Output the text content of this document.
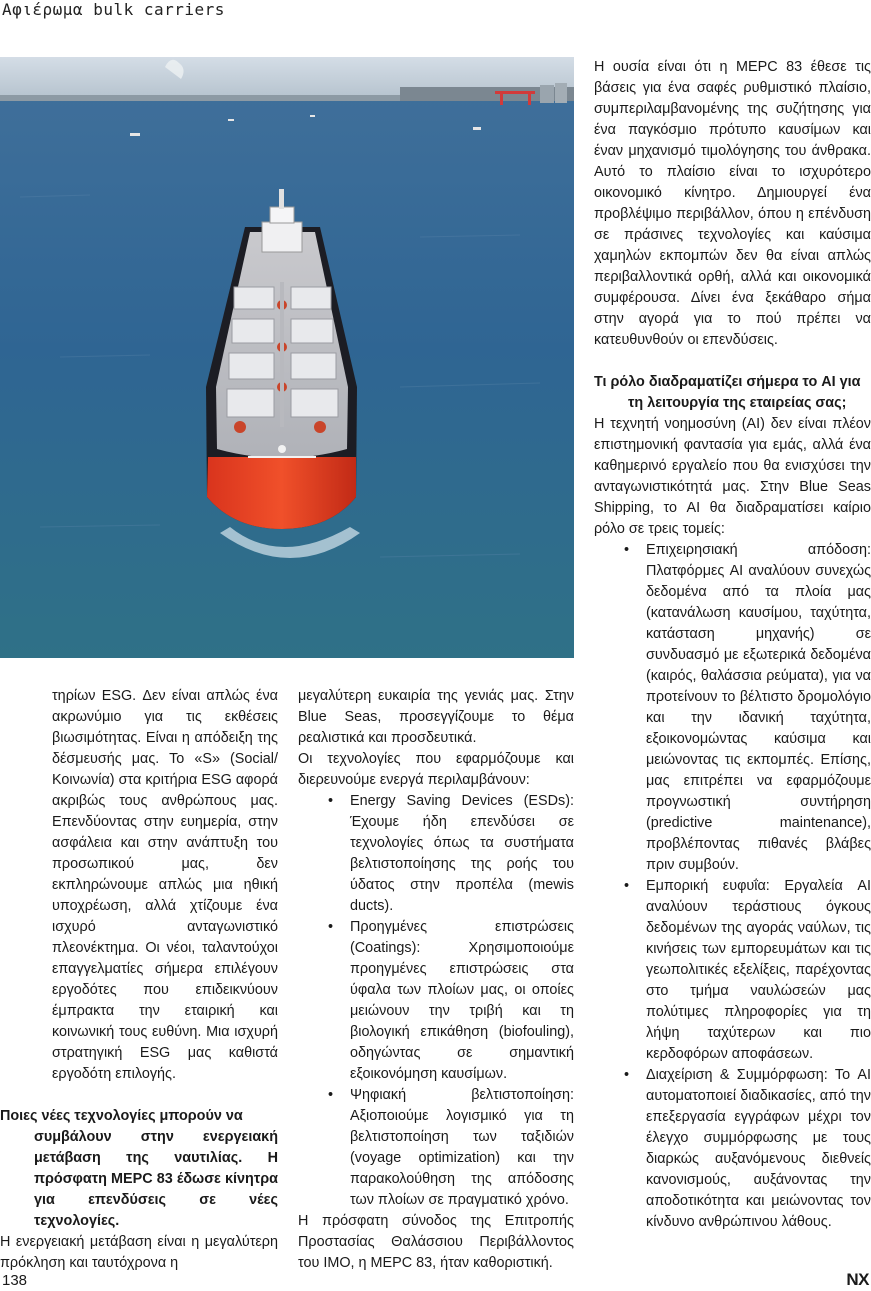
Αφιέρωμα bulk carriers

τηρίων ESG. Δεν είναι απλώς ένα ακρωνύμιο για τις εκθέσεις βιωσιμότητας. Είναι η απόδειξη της δέσμευσής μας. Το «S» (Social/ Κοινωνία) στα κριτήρια ESG αφορά ακριβώς τους ανθρώπους μας. Επενδύοντας στην ευημερία, στην ασφάλεια και στην ανάπτυξη του προσωπικού μας, δεν εκπληρώνουμε απλώς μια ηθική υποχρέωση, αλλά χτίζουμε ένα ισχυρό ανταγωνιστικό πλεονέκτημα. Οι νέοι, ταλαντούχοι επαγγελματίες σήμερα επιλέγουν εργοδότες που επιδεικνύουν έμπρακτα την εταιρική και κοινωνική τους ευθύνη. Μια ισχυρή στρατηγική ESG μας καθιστά εργοδότη επιλογής.

Ποιες νέες τεχνολογίες μπορούν να
συμβάλουν στην ενεργειακή μετάβαση της ναυτιλίας. Η πρόσφατη MEPC 83 έδωσε κίνητρα για επενδύσεις σε νέες τεχνολογίες.

Η ενεργειακή μετάβαση είναι η μεγαλύτερη πρόκληση και ταυτόχρονα η

μεγαλύτερη ευκαιρία της γενιάς μας. Στην Blue Seas, προσεγγίζουμε το θέμα ρεαλιστικά και προσδευτικά.

Οι τεχνολογίες που εφαρμόζουμε και διερευνούμε ενεργά περιλαμβάνουν:

• Energy Saving Devices (ESDs): Έχουμε ήδη επενδύσει σε τεχνολογίες όπως τα συστήματα βελτιστοποίησης της ροής του ύδατος στην προπέλα (mewis ducts).
• Προηγμένες επιστρώσεις (Coatings): Χρησιμοποιούμε προηγμένες επιστρώσεις στα ύφαλα των πλοίων μας, οι οποίες μειώνουν την τριβή και τη βιολογική επικάθηση (biofouling), οδηγώντας σε σημαντική εξοικονόμηση καυσίμων.
• Ψηφιακή βελτιστοποίηση: Αξιοποιούμε λογισμικό για τη βελτιστοποίηση των ταξιδιών (voyage optimization) και την παρακολούθηση της απόδοσης των πλοίων σε πραγματικό χρόνο.

Η πρόσφατη σύνοδος της Επιτροπής Προστασίας Θαλάσσιου Περιβάλλοντος του IMO, η MEPC 83, ήταν καθοριστική.

Η ουσία είναι ότι η MEPC 83 έθεσε τις βάσεις για ένα σαφές ρυθμιστικό πλαίσιο, συμπεριλαμβανομένης της συζήτησης για ένα παγκόσμιο πρότυπο καυσίμων και έναν μηχανισμό τιμολόγησης του άνθρακα. Αυτό το πλαίσιο είναι το ισχυρότερο οικονομικό κίνητρο. Δημιουργεί ένα προβλέψιμο περιβάλλον, όπου η επένδυση σε πράσινες τεχνολογίες και καύσιμα χαμηλών εκπομπών δεν θα είναι απλώς περιβαλλοντικά ορθή, αλλά και οικονομικά συμφέρουσα. Δίνει ένα ξεκάθαρο σήμα στην αγορά για το πού πρέπει να κατευθυνθούν οι επενδύσεις.

Τι ρόλο διαδραματίζει σήμερα το AI για
τη λειτουργία της εταιρείας σας;

Η τεχνητή νοημοσύνη (AI) δεν είναι πλέον επιστημονική φαντασία για εμάς, αλλά ένα καθημερινό εργαλείο που θα ενισχύσει την ανταγωνιστικότητά μας. Στην Blue Seas Shipping, το AI θα διαδραματίσει καίριο ρόλο σε τρεις τομείς:

• Επιχειρησιακή απόδοση: Πλατφόρμες AI αναλύουν συνεχώς δεδομένα από τα πλοία μας (κατανάλωση καυσίμου, ταχύτητα, κατάσταση μηχανής) σε συνδυασμό με εξωτερικά δεδομένα (καιρός, θαλάσσια ρεύματα), για να προτείνουν το βέλτιστο δρομολόγιο και την ιδανική ταχύτητα, εξοικονομώντας καύσιμα και μειώνοντας τις εκπομπές. Επίσης, μας επιτρέπει να εφαρμόζουμε προγνωστική συντήρηση (predictive maintenance), προβλέποντας πιθανές βλάβες πριν συμβούν.
• Εμπορική ευφυΐα: Εργαλεία AI αναλύουν τεράστιους όγκους δεδομένων της αγοράς ναύλων, τις κινήσεις των εμπορευμάτων και τις γεωπολιτικές εξελίξεις, παρέχοντας στο τμήμα ναυλώσεών μας πολύτιμες πληροφορίες για τη λήψη ταχύτερων και πιο κερδοφόρων αποφάσεων.
• Διαχείριση & Συμμόρφωση: Το AI αυτοματοποιεί διαδικασίες, από την επεξεργασία εγγράφων μέχρι τον έλεγχο συμμόρφωσης με τους διαρκώς αυξανόμενους διεθνείς κανονισμούς, αυξάνοντας την αποδοτικότητα και μειώνοντας τον κίνδυνο ανθρώπινου λάθους.
138	NX
